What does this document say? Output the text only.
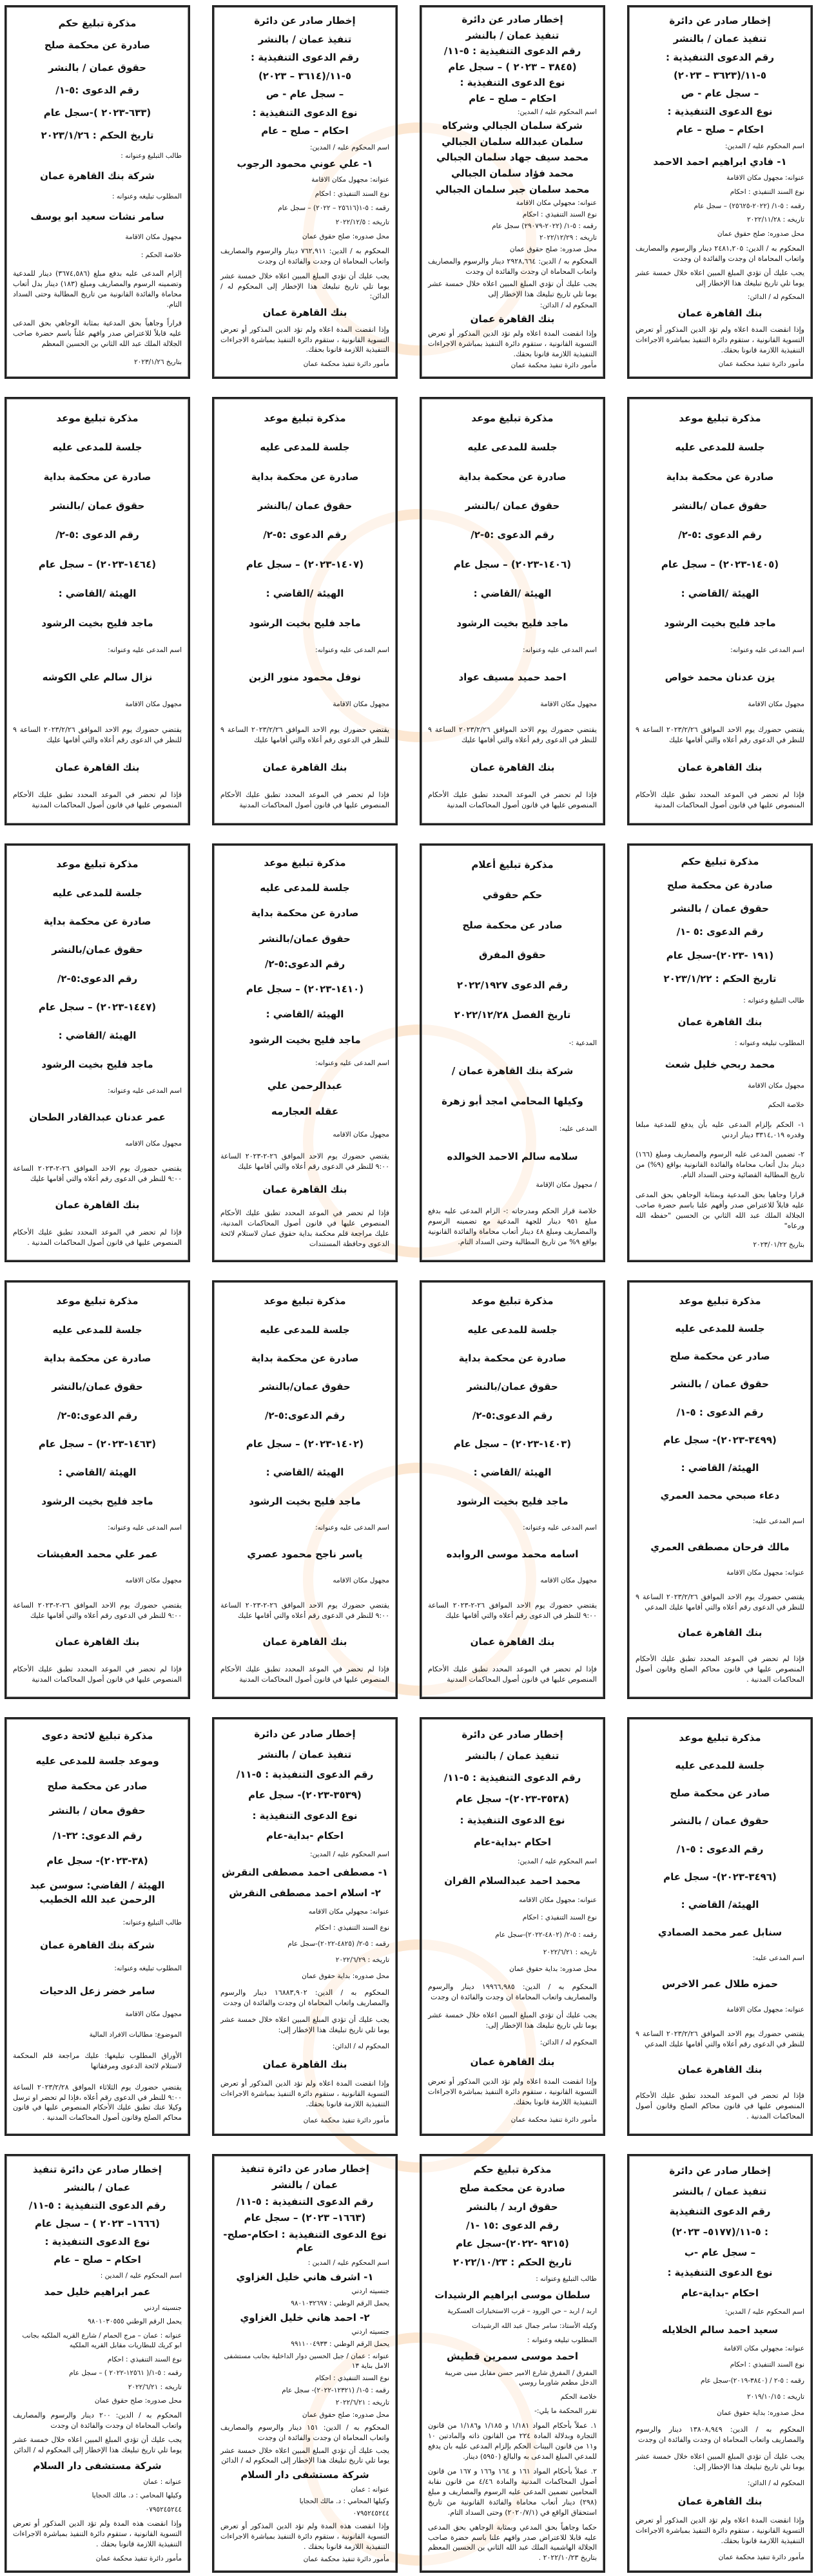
إخطار صادر عن دائرة
تنفيذ عمان / بالنشر
رقم الدعوى التنفيذية :
٥-١١/(٣٦٢٣ – ٢٠٢٣)
– سجل عام - ص
نوع الدعوى التنفيذية :
احكام – صلح – عام
اسم المحكوم عليه / المدين:
١- فادي ابراهيم احمد الاحمد
عنوانه: مجهول مكان الاقامة
نوع السند التنفيذي : احكام
رقمه : ٥-١/ (٢٠٢٢-٢٥٦٢٥) – سجل عام
تاريخه : ٢٠٢٢/١١/٢٨
محل صدوره: صلح حقوق عمان
المحكوم به / الدين: ٢٤٨١,٢٠٥ دينار والرسوم والمصاريف واتعاب المحاماة ان وجدت والفائدة ان وجدت
يجب عليك أن تؤدي المبلغ المبين اعلاه خلال خمسة عشر يوما تلي تاريخ تبليغك هذا الإخطار إلى
المحكوم له / الدائن:
بنك القاهرة عمان
وإذا انقضت المدة اعلاه ولم تؤد الدين المذكور أو تعرض التسوية القانونية ، ستقوم دائرة التنفيذ بمباشرة الاجراءات التنفيذية اللازمة قانونا بحقك.
مأمور دائرة تنفيذ محكمة عمان
إخطار صادر عن دائرة
تنفيذ عمان / بالنشر
رقم الدعوى التنفيذية : ٥-١١/
(٣٨٤٥ – ٢٠٢٣ ) – سجل عام
نوع الدعوى التنفيذية :
احكام – صلح – عام
اسم المحكوم عليه / المدين:
شركة سلمان الجبالي وشركاه
سلمان عبدالله سلمان الجبالي
محمد سيف جهاد سلمان الجبالي
محمد فؤاد سلمان الجبالي
محمد سلمان جبر سلمان الجبالي
عنوانه: مجهولي مكان الاقامة
نوع السند التنفيذي : احكام
رقمه : ٥-١/ (٢٠٢٢-٢٩٠٧٩) سجل عام
تاريخه : ٢٠٢٢/١٢/٢٩
محل صدوره: صلح حقوق عمان
المحكوم به / الدين: ٢٩٢٨,٦٦٤ دينار والرسوم والمصاريف واتعاب المحاماة ان وجدت والفائدة ان وجدت
يجب عليك أن تؤدي المبلغ المبين اعلاه خلال خمسة عشر يوما تلي تاريخ تبليغك هذا الإخطار إلى
المحكوم له / الدائن:
بنك القاهرة عمان
وإذا انقضت المدة اعلاه ولم تؤد الدين المذكور أو تعرض التسوية القانونية ، ستقوم دائرة التنفيذ بمباشرة الاجراءات التنفيذية اللازمة قانونا بحقك.
مأمور دائرة تنفيذ محكمة عمان
إخطار صادر عن دائرة
تنفيذ عمان / بالنشر
رقم الدعوى التنفيذية :
٥-١١/(٣٦١٤ – ٢٠٢٣)
– سجل عام - ص
نوع الدعوى التنفيذية :
احكام – صلح – عام
اسم المحكوم عليه / المدين:
١- علي عوني محمود الرجوب
عنوانه: مجهول مكان الاقامة
نوع السند التنفيذي : احكام
رقمه : ٥-١(٢٥٦١٦ – ٢٠٢٢) – سجل عام
تاريخه : ٢٠٢٢/١٢/٥
محل صدوره: صلح حقوق عمان
المحكوم به / الدين: ٧٦٢,٩١١ دينار والرسوم والمصاريف واتعاب المحاماة ان وجدت والفائدة ان وجدت
يجب عليك أن تؤدي المبلغ المبين اعلاه خلال خمسة عشر يوما تلي تاريخ تبليغك هذا الإخطار إلى المحكوم له / الدائن:
بنك القاهرة عمان
وإذا انقضت المدة اعلاه ولم تؤد الدين المذكور أو تعرض التسوية القانونية ، ستقوم دائرة التنفيذ بمباشرة الاجراءات التنفيذية اللازمة قانونا بحقك.
مأمور دائرة تنفيذ محكمة عمان
مذكرة تبليغ حكم
صادرة عن محكمة صلح
حقوق عمان / بالنشر
رقم الدعوى :٥-١/
(٦٣٣-٢٠٢٣ )-سجل عام
تاريخ الحكم : ٢٠٢٣/١/٢٦
طالب التبليغ وعنوانه :
شركة بنك القاهرة عمان
المطلوب تبليغه وعنوانه :
سامر نشات سعيد ابو يوسف
مجهول مكان الاقامة
خلاصة الحكم :
إلزام المدعى عليه بدفع مبلغ (٣٦٧٤,٥٨٦) دينار للمدعية وتضمينه الرسوم والمصاريف ومبلغ (١٨٣) دينار بدل أتعاب محاماة والفائدة القانونية من تاريخ المطالبة وحتى السداد التام.
قراراً وجاهياً بحق المدعية بمثابة الوجاهي بحق المدعى عليه قابلاً للاعتراض صدر وافهم علناً باسم حضرة صاحب الجلالة الملك عبد الله الثاني بن الحسين المعظم
بتاريخ ٢٠٢٣/١/٢٦
مذكرة تبليغ موعد
جلسة للمدعى عليه
صادرة عن محكمة بداية
حقوق عمان /بالنشر
رقم الدعوى :٥-٢/
(١٤٠٥-٢٠٢٣) – سجل عام
الهيئة /القاضي :
ماجد فليح بخيت الرشود
اسم المدعى عليه وعنوانه:
يزن عدنان محمد خواص
مجهول مكان الاقامة
يقتضي حضورك يوم الاحد الموافق ٢٠٢٣/٢/٢٦ الساعة ٩ للنظر في الدعوى رقم أعلاه والتي أقامها عليك
بنك القاهرة عمان
فإذا لم تحضر في الموعد المحدد تطبق عليك الأحكام المنصوص عليها في قانون أصول المحاكمات المدنية
مذكرة تبليغ موعد
جلسة للمدعى عليه
صادرة عن محكمة بداية
حقوق عمان /بالنشر
رقم الدعوى :٥-٢/
(١٤٠٦-٢٠٢٣) – سجل عام
الهيئة /القاضي :
ماجد فليح بخيت الرشود
اسم المدعى عليه وعنوانه:
احمد حميد مسيف عواد
مجهول مكان الاقامة
يقتضي حضورك يوم الاحد الموافق ٢٠٢٣/٢/٢٦ الساعة ٩ للنظر في الدعوى رقم أعلاه والتي أقامها عليك
بنك القاهرة عمان
فإذا لم تحضر في الموعد المحدد تطبق عليك الأحكام المنصوص عليها في قانون أصول المحاكمات المدنية
مذكرة تبليغ موعد
جلسة للمدعى عليه
صادرة عن محكمة بداية
حقوق عمان /بالنشر
رقم الدعوى :٥-٢/
(١٤٠٧-٢٠٢٣) – سجل عام
الهيئة /القاضي :
ماجد فليح بخيت الرشود
اسم المدعى عليه وعنوانه:
نوفل محمود منور الزبن
مجهول مكان الاقامة
يقتضي حضورك يوم الاحد الموافق ٢٠٢٣/٢/٢٦ الساعة ٩ للنظر في الدعوى رقم أعلاه والتي أقامها عليك
بنك القاهرة عمان
فإذا لم تحضر في الموعد المحدد تطبق عليك الأحكام المنصوص عليها في قانون أصول المحاكمات المدنية
مذكرة تبليغ موعد
جلسة للمدعى عليه
صادرة عن محكمة بداية
حقوق عمان /بالنشر
رقم الدعوى :٥-٢/
(١٤٦٤-٢٠٢٣) – سجل عام
الهيئة /القاضي :
ماجد فليح بخيت الرشود
اسم المدعى عليه وعنوانه:
نزال سالم علي الكوشه
مجهول مكان الاقامة
يقتضي حضورك يوم الاحد الموافق ٢٠٢٣/٢/٢٦ الساعة ٩ للنظر في الدعوى رقم أعلاه والتي أقامها عليك
بنك القاهرة عمان
فإذا لم تحضر في الموعد المحدد تطبق عليك الأحكام المنصوص عليها في قانون أصول المحاكمات المدنية
مذكرة تبليغ حكم
صادرة عن محكمة صلح
حقوق عمان / بالنشر
رقم الدعوى :٥ -١/
(١٩١ -٢٠٢٣)-سجل عام
تاريخ الحكم : ٢٠٢٣/١/٢٢
طالب التبليغ وعنوانه :
بنك القاهرة عمان
المطلوب تبليغه وعنوانه :
محمد ربحي خليل شعث
مجهول مكان الاقامة
خلاصة الحكم
١- الحكم بإلزام المدعى عليه بأن يدفع للمدعية مبلغا وقدره ٣٣١٤,٠١٩ دينار اردني
٢- تضمين المدعى عليه الرسوم والمصاريف ومبلغ (١٦٦) دينار بدل أتعاب محاماة والفائدة القانونية بواقع (٩%) من تاريخ المطالبة القضائية وحتى السداد التام.
قرارا وجاهيا بحق المدعية وبمثابة الوجاهي بحق المدعى عليه قابلاً للاعتراض صدر وأفهم علنا باسم حضرة صاحب الجلالة الملك عبد الله الثاني بن الحسين "حفظه الله ورعاه"
بتاريخ ٢٠٢٣/٠١/٢٢
مذكرة تبليغ أعلام
حكم حقوقي
صادر عن محكمة صلح
حقوق المفرق
رقم الدعوى ٢٠٢٢/١٩٢٧
تاريخ الفصل ٢٠٢٢/١٢/٢٨
المدعية :-
شركة بنك القاهرة عمان /
وكيلها المحامي امجد أبو زهرة
المدعى عليه:
سلامه سالم الاحمد الخوالده
/ مجهول مكان الإقامة
خلاصة قرار الحكم ومدرجاته :- الزام المدعى عليه بدفع مبلغ ٩٥١ دينار للجهة المدعية مع تضمينه الرسوم والمصاريف ومبلغ ٤٨ دينار أتعاب محاماة والفائدة القانونية بواقع ٩% من تاريخ المطالبة وحتى السداد التام.
مذكرة تبليغ موعد
جلسة للمدعى عليه
صادرة عن محكمة بداية
حقوق عمان/بالنشر
رقم الدعوى:٥-٢/
(١٤١٠-٢٠٢٣) – سجل عام
الهيئة /القاضي :
ماجد فليح بخيت الرشود
اسم المدعى عليه وعنوانه:
عبدالرحمن علي
عقله العجارمه
مجهول مكان الاقامه
يقتضي حضورك يوم الاحد الموافق ٢٦-٢-٢٠٢٣ الساعة ٩:٠٠ للنظر في الدعوى رقم أعلاه والتي أقامها عليك
بنك القاهرة عمان
فإذا لم تحضر في الموعد المحدد تطبق عليك الأحكام المنصوص عليها في قانون أصول المحاكمات المدنية، عليك مراجعة قلم محكمة بداية حقوق عمان لاستلام لائحة الدعوى وحافظة المستندات
مذكرة تبليغ موعد
جلسة للمدعى عليه
صادرة عن محكمة بداية
حقوق عمان/بالنشر
رقم الدعوى:٥-٢/
(١٤٤٧-٢٠٢٣) – سجل عام
الهيئة /القاضي :
ماجد فليح بخيت الرشود
اسم المدعى عليه وعنوانه:
عمر عدنان عبدالقادر الطحان
مجهول مكان الاقامه
يقتضي حضورك يوم الاحد الموافق ٢٦-٢-٢٠٢٣ الساعة ٩:٠٠ للنظر في الدعوى رقم أعلاه والتي أقامها عليك
بنك القاهرة عمان
فإذا لم تحضر في الموعد المحدد تطبق عليك الأحكام المنصوص عليها في قانون أصول المحاكمات المدنية .
مذكرة تبليغ موعد
جلسة للمدعى عليه
صادر عن محكمة صلح
حقوق عمان / بالنشر
رقم الدعوى : ٥-١/
(٣٤٩٩-٢٠٢٣)- سجل عام
الهيئة/ القاضي :
دعاء صبحي محمد العمري
اسم المدعى عليه:
مالك فرحان مصطفى العمري
عنوانه: مجهول مكان الاقامة
يقتضي حضورك يوم الاحد الموافق ٢٠٢٣/٢/٢٦ الساعة ٩ للنظر في الدعوى رقم أعلاه والتي أقامها عليك المدعي
بنك القاهرة عمان
فإذا لم تحضر في الموعد المحدد تطبق عليك الأحكام المنصوص عليها في قانون محاكم الصلح وقانون أصول المحاكمات المدنية .
مذكرة تبليغ موعد
جلسة للمدعى عليه
صادرة عن محكمة بداية
حقوق عمان/بالنشر
رقم الدعوى:٥-٢/
(١٤٠٣-٢٠٢٣) – سجل عام
الهيئة /القاضي :
ماجد فليح بخيت الرشود
اسم المدعى عليه وعنوانه:
اسامه محمد موسى الروابده
مجهول مكان الاقامه
يقتضي حضورك يوم الاحد الموافق ٢٦-٢-٢٠٢٣ الساعة ٩:٠٠ للنظر في الدعوى رقم أعلاه والتي أقامها عليك
بنك القاهرة عمان
فإذا لم تحضر في الموعد المحدد تطبق عليك الأحكام المنصوص عليها في قانون أصول المحاكمات المدنية
مذكرة تبليغ موعد
جلسة للمدعى عليه
صادرة عن محكمة بداية
حقوق عمان/بالنشر
رقم الدعوى:٥-٢/
(١٤٠٢-٢٠٢٣) – سجل عام
الهيئة /القاضي :
ماجد فليح بخيت الرشود
اسم المدعى عليه وعنوانه:
ياسر ناجح محمود عصري
مجهول مكان الاقامه
يقتضي حضورك يوم الاحد الموافق ٢٦-٢-٢٠٢٣ الساعة ٩:٠٠ للنظر في الدعوى رقم أعلاه والتي أقامها عليك
بنك القاهرة عمان
فإذا لم تحضر في الموعد المحدد تطبق عليك الأحكام المنصوص عليها في قانون أصول المحاكمات المدنية
مذكرة تبليغ موعد
جلسة للمدعى عليه
صادرة عن محكمة بداية
حقوق عمان/بالنشر
رقم الدعوى:٥-٢/
(١٤٦٣-٢٠٢٣) – سجل عام
الهيئة /القاضي :
ماجد فليح بخيت الرشود
اسم المدعى عليه وعنوانه:
عمر علي محمد العفيشات
مجهول مكان الاقامه
يقتضي حضورك يوم الاحد الموافق ٢٦-٢-٢٠٢٣ الساعة ٩:٠٠ للنظر في الدعوى رقم أعلاه والتي أقامها عليك
بنك القاهرة عمان
فإذا لم تحضر في الموعد المحدد تطبق عليك الأحكام المنصوص عليها في قانون أصول المحاكمات المدنية
مذكرة تبليغ موعد
جلسة للمدعى عليه
صادر عن محكمة صلح
حقوق عمان / بالنشر
رقم الدعوى : ٥-١/
(٣٤٩٦-٢٠٢٣)- سجل عام
الهيئة/ القاضي :
سنابل عمر محمد الصمادي
اسم المدعى عليه:
حمزه طلال عمر الاخرس
عنوانه: مجهول مكان الاقامة
يقتضي حضورك يوم الاحد الموافق ٢٠٢٣/٢/٢٦ الساعة ٩ للنظر في الدعوى رقم أعلاه والتي أقامها عليك المدعي
بنك القاهرة عمان
فإذا لم تحضر في الموعد المحدد تطبق عليك الأحكام المنصوص عليها في قانون محاكم الصلح وقانون أصول المحاكمات المدنية .
إخطار صادر عن دائرة
تنفيذ عمان / بالنشر
رقم الدعوى التنفيذية : ٥-١١/
(٣٥٣٨-٢٠٢٣)- سجل عام
نوع الدعوى التنفيذية :
احكام -بداية-عام
اسم المحكوم عليه / المدين:
محمد احمد عبدالسلام القران
عنوانه: مجهول مكان الاقامه
نوع السند التنفيذي : احكام
رقمه : ٥-٢/ (٤٨٠٢-٢٠٢٢)-سجل عام
تاريخه : ٢٠٢٢/٦/٢١
محل صدوره: بداية حقوق عمان
المحكوم به / الدين: ١٩٩٦٦,٩٨٥ دينار والرسوم والمصاريف واتعاب المحاماة ان وجدت والفائدة ان وجدت
يجب عليك أن تؤدي المبلغ المبين اعلاه خلال خمسة عشر يوما تلي تاريخ تبليغك هذا الإخطار إلى:
المحكوم له / الدائن:
بنك القاهرة عمان
وإذا انقضت المدة اعلاه ولم تؤد الدين المذكور أو تعرض التسوية القانونية ، ستقوم دائرة التنفيذ بمباشرة الاجراءات التنفيذية اللازمة قانونا بحقك.
مأمور دائرة تنفيذ محكمة عمان
إخطار صادر عن دائرة
تنفيذ عمان / بالنشر
رقم الدعوى التنفيذية : ٥-١١/
(٣٥٣٩-٢٠٢٣)- سجل عام
نوع الدعوى التنفيذية :
احكام -بداية-عام
اسم المحكوم عليه / المدين:
١- مصطفى احمد مصطفى النقرش
٢- اسلام احمد مصطفى النقرش
عنوانه: مجهولي مكان الاقامه
نوع السند التنفيذي : احكام
رقمه : ٥-٢/ (٤٨٢٥-٢٠٢٢)-سجل عام
تاريخه : ٢٠٢٢/٦/٢٩
محل صدوره: بداية حقوق عمان
المحكوم به / الدين: ١٦٨٨٣,٩٠٢ دينار والرسوم والمصاريف واتعاب المحاماة ان وجدت والفائدة ان وجدت
يجب عليك أن تؤدي المبلغ المبين اعلاه خلال خمسة عشر يوما تلي تاريخ تبليغك هذا الإخطار إلى:
المحكوم له / الدائن:
بنك القاهرة عمان
وإذا انقضت المدة اعلاه ولم تؤد الدين المذكور أو تعرض التسوية القانونية ، ستقوم دائرة التنفيذ بمباشرة الاجراءات التنفيذية اللازمة قانونا بحقك.
مأمور دائرة تنفيذ محكمة عمان
مذكرة تبليغ لائحة دعوى
وموعد جلسة للمدعى عليه
صادر عن محكمة صلح
حقوق معان / بالنشر
رقم الدعوى: ٣٢-١/
(٣٨-٢٠٢٣)- سجل عام
الهيئة / القاضي: سوسن عبد الرحمن عبد الله الخطيب
طالب التبليغ وعنوانه:
شركة بنك القاهرة عمان
المطلوب تبليغه وعنوانه:
سامر خضر زعل الدحيات
مجهول مكان الاقامة
الموضوع: مطالبات الافراد المالية
الأوراق المطلوب تبليغها: عليك مراجعة قلم المحكمة لاستلام لائحة الدعوى ومرفقاتها
يقتضي حضورك يوم الثلاثاء الموافق ٢٠٢٣/٢/٢٨ الساعة ٩:٠٠ للنظر في الدعوى رقم أعلاه ،فإذا لم تحضر او ترسل وكيلا عنك تطبق عليك الأحكام المنصوص عليها في قانون محاكم الصلح وقانون أصول المحاكمات المدنية .
إخطار صادر عن دائرة
تنفيذ عمان / بالنشر
رقم الدعوى التنفيذية
: ٥-١١/(٥١٧٧– ٢٠٢٣)
– سجل عام -ب
نوع الدعوى التنفيذية :
احكام -بداية-عام
اسم المحكوم عليه / المدين:
سعيد احمد سالم الخلايله
عنوانه: مجهولي مكان الاقامة
نوع السند التنفيذي : احكام
رقمه : ٥-٢ / (٣٨٤٠-٢٠١٩)-سجل عام
تاريخه : ٢٠١٩/١٠/١٥
محل صدوره: بداية حقوق عمان
المحكوم به / الدين: ١٣٨٠٨,٩٤٩ دينار والرسوم والمصاريف واتعاب المحاماة ان وجدت والفائدة ان وجدت
يجب عليك أن تؤدي المبلغ المبين اعلاه خلال خمسة عشر يوما تلي تاريخ تبليغك هذا الإخطار إلى:
المحكوم له / الدائن:
بنك القاهرة عمان
وإذا انقضت المدة اعلاه ولم تؤد الدين المذكور أو تعرض التسوية القانونية ، ستقوم دائرة التنفيذ بمباشرة الاجراءات التنفيذية اللازمة قانونا بحقك.
مأمور دائرة تنفيذ محكمة عمان
مذكرة تبليغ حكم
صادرة عن محكمة صلح
حقوق اربد / بالنشر
رقم الدعوى :١٥ -١/
(٩٣١٥ -٢٠٢٢)-سجل عام
تاريخ الحكم : ٢٠٢٢/١٠/٢٣
طالب التبليغ وعنوانه :
سلطان موسى ابراهيم الرشيدات
اربد / اربد – حي الورود – قرب الاستخبارات العسكرية
وكيله الأستاذ: سامر جمال عبد الله الرشيدات
المطلوب تبليغه وعنوانه :
احمد موسى سمرين قطيش
المفرق / المفرق شارع الامير حسن مقابل مبنى ضريبة الدخل مطعم شاورما روسي
خلاصة الحكم
تقرر المحكمة ما يلي:-
١. عملاً بأحكام المواد ١/١٨١ و ١/١٨٥ و١/١٨٦ من قانون التجارة وبدلالة المادة ٢٢٤ من القانون ذاته والمادتين ١٠ و١١ من قانون البينات الحكم بإلزام المدعى عليه بان يدفع للمدعي المبلغ المدعى به والبالغ (٥٩٥٠) دينار.
٢. عملاً بأحكام المواد ١٦١ و ١٦٤ و١٦٦ و ١٦٧ من قانون أصول المحاكمات المدنية والمادة ٤/٤٦ من قانون نقابة المحامين تضمين المدعى عليه الرسوم والمصاريف و مبلغ (٢٩٨) دينار أتعاب محاماة والفائدة القانونية من تاريخ استحقاق الواقع في (٢٠٢٠/٧/١) وحتى السداد التام.
حكما وجاهياً بحق المدعي وبمثابة الوجاهي بحق المدعى عليه قابلا للاعتراض صدر وافهم علنا باسم حضرة صاحب الجلالة الهاشمية الملك عبد الله الثاني بن الحسين المعظم بتاريخ ٢٠٢٢/١٠/٢٣ .
إخطار صادر عن دائرة تنفيذ
عمان / بالنشر
رقم الدعوى التنفيذية : ٥-١١/
(١٦٦٣– ٢٠٢٣) – سجل عام
نوع الدعوى التنفيذية : احكام-صلح-عام
اسم المحكوم عليه / المدين :
١- اشرف هاني خليل الغزاوي
جنسيته اردني
يحمل الرقم الوطني : ٩٨٠١٠٣٢٦٩٧
٢- احمد هاني خليل الغزاوي
جنسيته اردني
يحمل الرقم الوطني : ٩٩١١٠٠٤٩٣٣
عنوانه : عمان / جبل الحسين دوار الداخلية بجانب مستشفى الامل بناية ١٣
نوع السند التنفيذي : احكام
رقمه : ٥-١/ (١٢٣٢١-٢٠٢٢)- سجل عام
تاريخه : ٢٠٢٢/٦/٢١
محل صدوره: صلح حقوق عمان
المحكوم به / الدين: ١٥١ دينار والرسوم والمصاريف واتعاب المحاماة ان وجدت والفائدة ان وجدت
يجب عليك أن تؤدي المبلغ المبين اعلاه خلال خمسة عشر يوما تلي تاريخ تبليغك هذا الإخطار إلى المحكوم له / الدائن
شركة مستشفى دار السلام
عنوانه : عمان
وكيلها المحامي : د. مالك الحجايا
٠٧٩٥٢٤٥٢٤٤
وإذا انقضت هذه المدة ولم تؤد الدين المذكور أو تعرض التسوية القانونية ، ستقوم دائرة التنفيذ بمباشرة الاجراءات التنفيذية اللازمة قانونا بحقك .
مأمور دائرة تنفيذ محكمة عمان
إخطار صادر عن دائرة تنفيذ
عمان / بالنشر
رقم الدعوى التنفيذية : ٥-١١/
(١٦٦٦– ٢٠٢٣ ) – سجل عام
نوع الدعوى التنفيذية :
احكام – صلح – عام
اسم المحكوم عليه / المدين :
عمر ابراهيم خليل حمد
جنسيته اردني
يحمل الرقم الوطني ٩٨٠١٠٣٠٥٥٥
عنوانه : عمان – مرج الحمام / شارع القريه الملكيه بجانب ابو كريك للبطاريات مقابل القريه الملكيه
نوع السند التنفيذي : احكام
رقمه : ٥-١/( ١٢٥٦١-٢٠٢٢ ) – سجل عام
تاريخه : ٢٠٢٢/٦/٢١
محل صدوره: صلح حقوق عمان
المحكوم به / الدين: ٢٠٠ دينار والرسوم والمصاريف واتعاب المحاماة ان وجدت والفائدة ان وجدت
يجب عليك أن تؤدي المبلغ المبين اعلاه خلال خمسة عشر يوما تلي تاريخ تبليغك هذا الإخطار إلى المحكوم له / الدائن
شركة مستشفى دار السلام
عنوانه : عمان
وكيلها المحامي : د. مالك الحجايا
٠٧٩٥٢٤٥٢٤٤
وإذا انقضت هذه المدة ولم تؤد الدين المذكور أو تعرض التسوية القانونية ، ستقوم دائرة التنفيذ بمباشرة الاجراءات التنفيذية اللازمة قانونا بحقك .
مأمور دائرة تنفيذ محكمة عمان
